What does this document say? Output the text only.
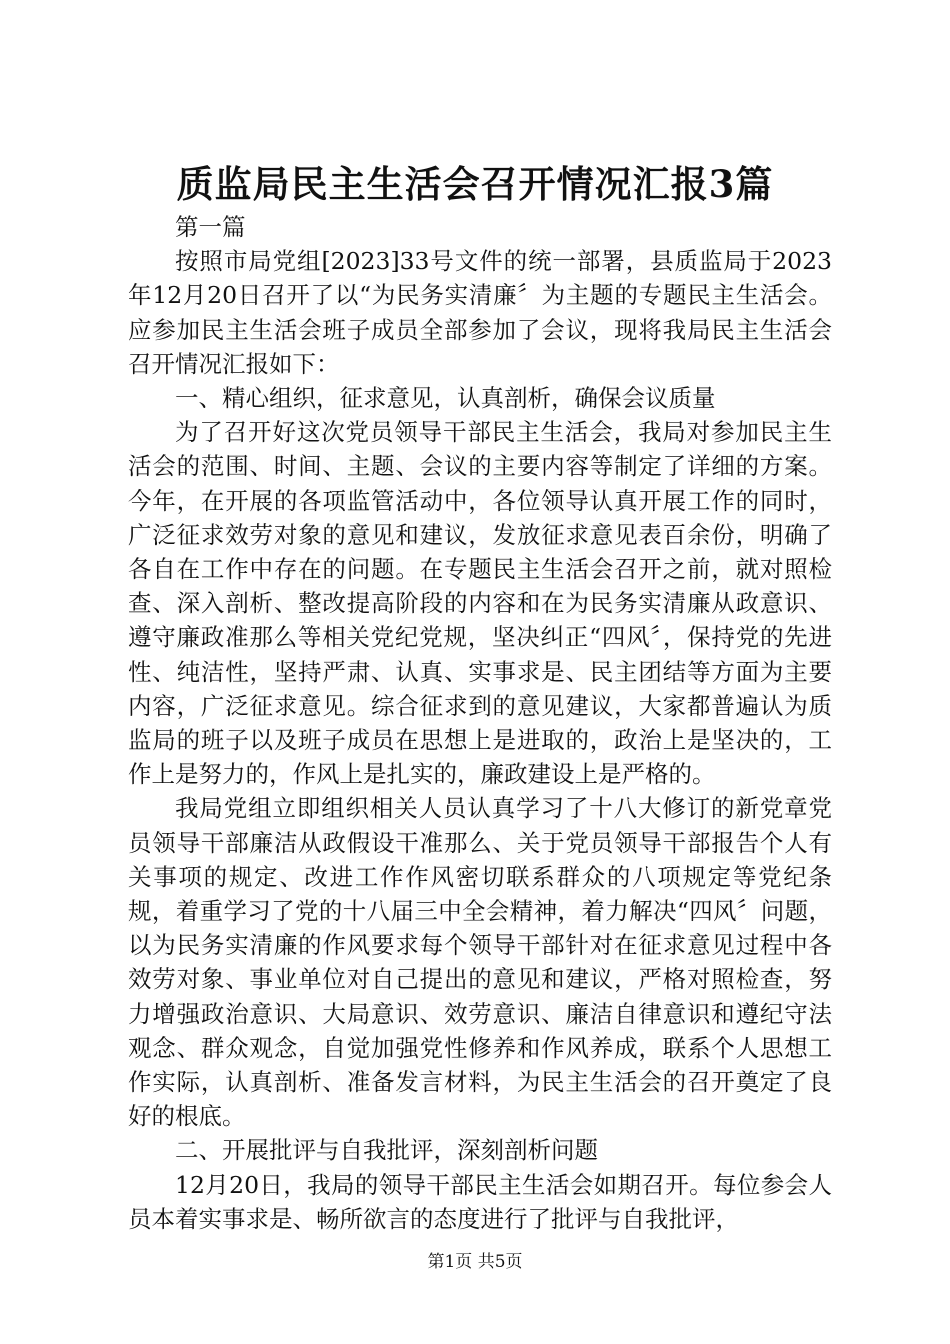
质监局民主生活会召开情况汇报3篇

第一篇

按照市局党组[2023]33号文件的统一部署，县质监局于2023年12月20日召开了以“为民务实清廉〞为主题的专题民主生活会。应参加民主生活会班子成员全部参加了会议，现将我局民主生活会召开情况汇报如下：

一、精心组织，征求意见，认真剖析，确保会议质量

为了召开好这次党员领导干部民主生活会，我局对参加民主生活会的范围、时间、主题、会议的主要内容等制定了详细的方案。今年，在开展的各项监管活动中，各位领导认真开展工作的同时，广泛征求效劳对象的意见和建议，发放征求意见表百余份，明确了各自在工作中存在的问题。在专题民主生活会召开之前，就对照检查、深入剖析、整改提高阶段的内容和在为民务实清廉从政意识、遵守廉政准那么等相关党纪党规，坚决纠正“四风〞，保持党的先进性、纯洁性，坚持严肃、认真、实事求是、民主团结等方面为主要内容，广泛征求意见。综合征求到的意见建议，大家都普遍认为质监局的班子以及班子成员在思想上是进取的，政治上是坚决的，工作上是努力的，作风上是扎实的，廉政建设上是严格的。

我局党组立即组织相关人员认真学习了十八大修订的新党章党员领导干部廉洁从政假设干准那么、关于党员领导干部报告个人有关事项的规定、改进工作作风密切联系群众的八项规定等党纪条规，着重学习了党的十八届三中全会精神，着力解决“四风〞问题，以为民务实清廉的作风要求每个领导干部针对在征求意见过程中各效劳对象、事业单位对自己提出的意见和建议，严格对照检查，努力增强政治意识、大局意识、效劳意识、廉洁自律意识和遵纪守法观念、群众观念，自觉加强党性修养和作风养成，联系个人思想工作实际，认真剖析、准备发言材料，为民主生活会的召开奠定了良好的根底。

二、开展批评与自我批评，深刻剖析问题

12月20日，我局的领导干部民主生活会如期召开。每位参会人员本着实事求是、畅所欲言的态度进行了批评与自我批评，

第1页 共5页
